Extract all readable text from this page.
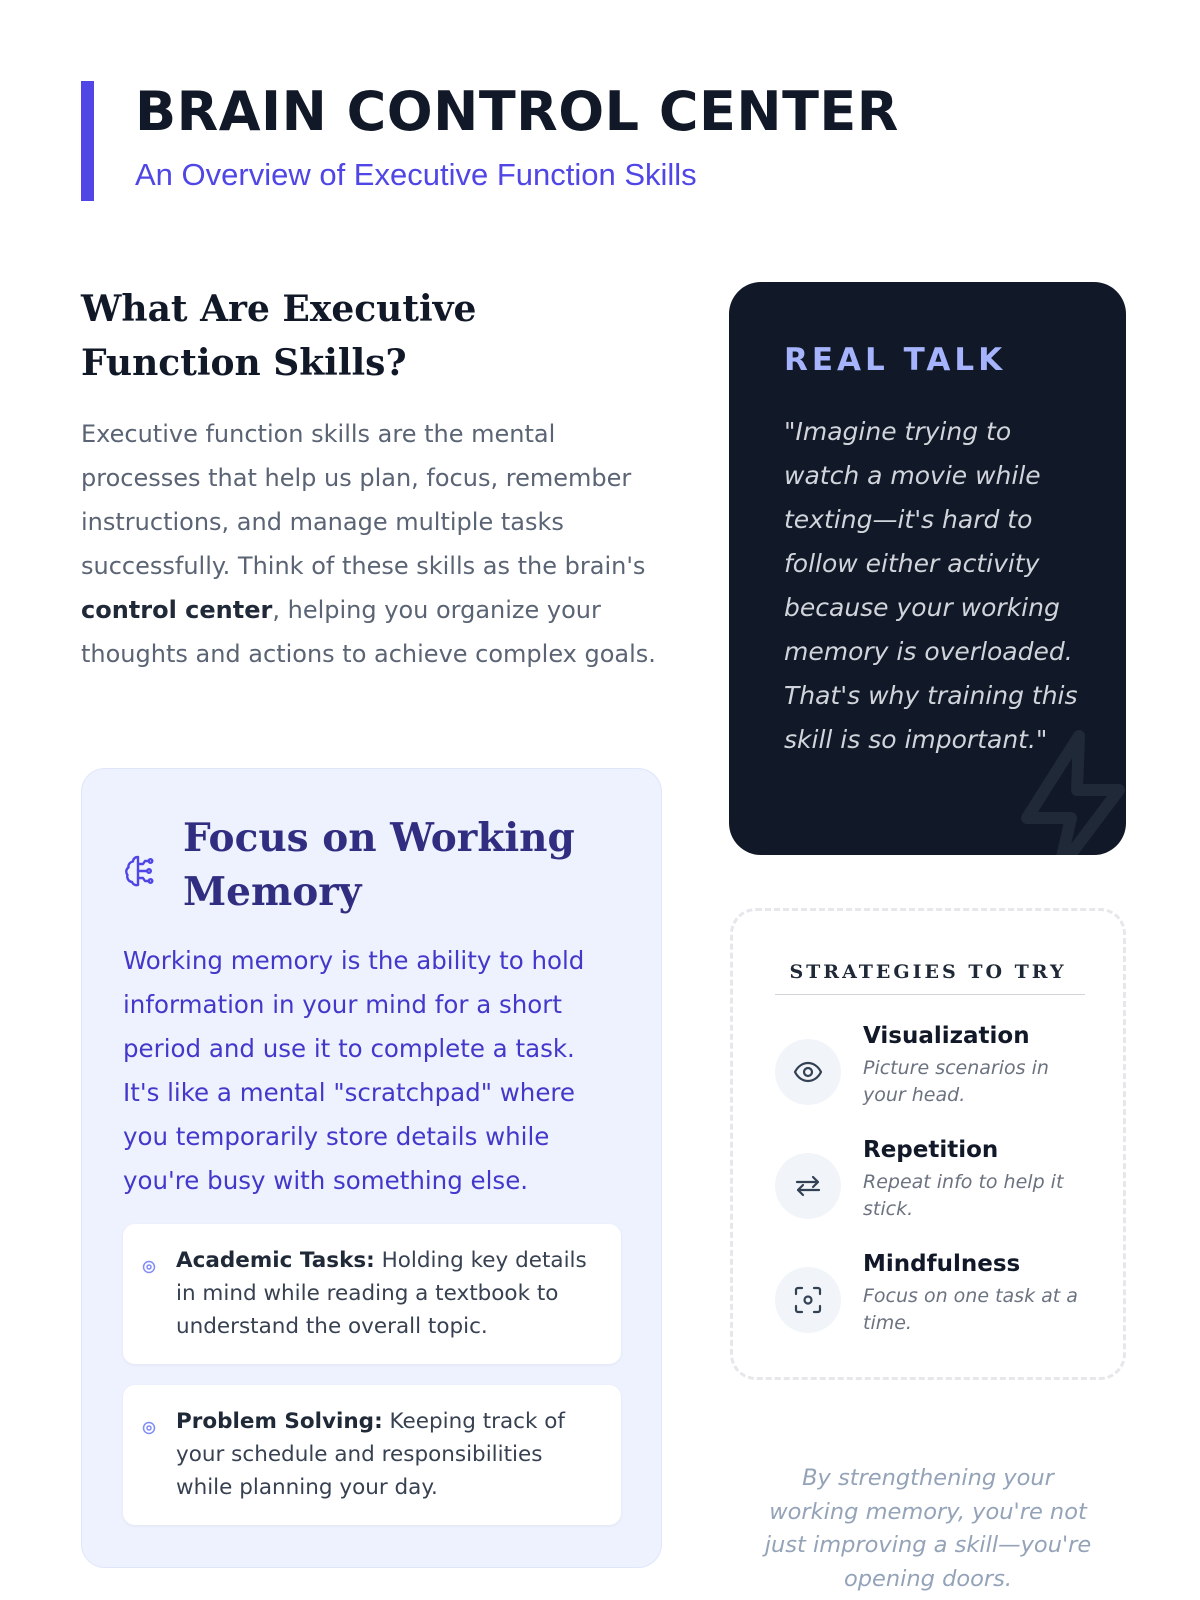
BRAIN CONTROL CENTER
An Overview of Executive Function Skills
What Are Executive Function Skills?

Executive function skills are the mental processes that help us plan, focus, remember instructions, and manage multiple tasks successfully. Think of these skills as the brain's control center, helping you organize your thoughts and actions to achieve complex goals.

Focus on Working Memory

Working memory is the ability to hold information in your mind for a short period and use it to complete a task. It's like a mental "scratchpad" where you temporarily store details while you're busy with something else.

Academic Tasks: Holding key details in mind while reading a textbook to understand the overall topic.

Problem Solving: Keeping track of your schedule and responsibilities while planning your day.

REAL TALK

"Imagine trying to watch a movie while texting—it's hard to follow either activity because your working memory is overloaded. That's why training this skill is so important."

STRATEGIES TO TRY
Visualization
Picture scenarios in your head.
Repetition
Repeat info to help it stick.
Mindfulness
Focus on one task at a time.

By strengthening your working memory, you're not just improving a skill—you're opening doors.
